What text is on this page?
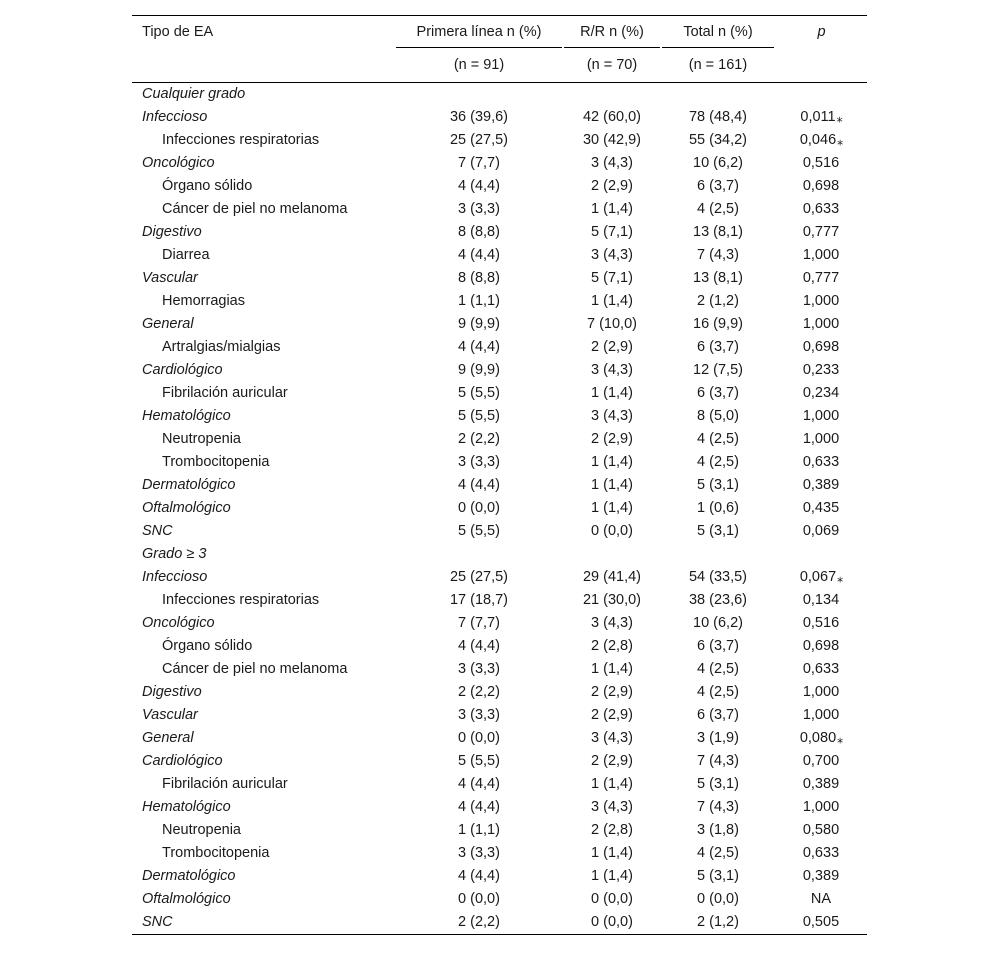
Tipo de EA	Primera línea n (%)	R/R n (%)	Total n (%)	p
	(n = 91)	(n = 70)	(n = 161)	
Cualquier grado				
Infeccioso	36 (39,6)	42 (60,0)	78 (48,4)	0,011⁎
Infecciones respiratorias	25 (27,5)	30 (42,9)	55 (34,2)	0,046⁎
Oncológico	7 (7,7)	3 (4,3)	10 (6,2)	0,516
Órgano sólido	4 (4,4)	2 (2,9)	6 (3,7)	0,698
Cáncer de piel no melanoma	3 (3,3)	1 (1,4)	4 (2,5)	0,633
Digestivo	8 (8,8)	5 (7,1)	13 (8,1)	0,777
Diarrea	4 (4,4)	3 (4,3)	7 (4,3)	1,000
Vascular	8 (8,8)	5 (7,1)	13 (8,1)	0,777
Hemorragias	1 (1,1)	1 (1,4)	2 (1,2)	1,000
General	9 (9,9)	7 (10,0)	16 (9,9)	1,000
Artralgias/mialgias	4 (4,4)	2 (2,9)	6 (3,7)	0,698
Cardiológico	9 (9,9)	3 (4,3)	12 (7,5)	0,233
Fibrilación auricular	5 (5,5)	1 (1,4)	6 (3,7)	0,234
Hematológico	5 (5,5)	3 (4,3)	8 (5,0)	1,000
Neutropenia	2 (2,2)	2 (2,9)	4 (2,5)	1,000
Trombocitopenia	3 (3,3)	1 (1,4)	4 (2,5)	0,633
Dermatológico	4 (4,4)	1 (1,4)	5 (3,1)	0,389
Oftalmológico	0 (0,0)	1 (1,4)	1 (0,6)	0,435
SNC	5 (5,5)	0 (0,0)	5 (3,1)	0,069
Grado ≥ 3				
Infeccioso	25 (27,5)	29 (41,4)	54 (33,5)	0,067⁎
Infecciones respiratorias	17 (18,7)	21 (30,0)	38 (23,6)	0,134
Oncológico	7 (7,7)	3 (4,3)	10 (6,2)	0,516
Órgano sólido	4 (4,4)	2 (2,8)	6 (3,7)	0,698
Cáncer de piel no melanoma	3 (3,3)	1 (1,4)	4 (2,5)	0,633
Digestivo	2 (2,2)	2 (2,9)	4 (2,5)	1,000
Vascular	3 (3,3)	2 (2,9)	6 (3,7)	1,000
General	0 (0,0)	3 (4,3)	3 (1,9)	0,080⁎
Cardiológico	5 (5,5)	2 (2,9)	7 (4,3)	0,700
Fibrilación auricular	4 (4,4)	1 (1,4)	5 (3,1)	0,389
Hematológico	4 (4,4)	3 (4,3)	7 (4,3)	1,000
Neutropenia	1 (1,1)	2 (2,8)	3 (1,8)	0,580
Trombocitopenia	3 (3,3)	1 (1,4)	4 (2,5)	0,633
Dermatológico	4 (4,4)	1 (1,4)	5 (3,1)	0,389
Oftalmológico	0 (0,0)	0 (0,0)	0 (0,0)	NA
SNC	2 (2,2)	0 (0,0)	2 (1,2)	0,505
